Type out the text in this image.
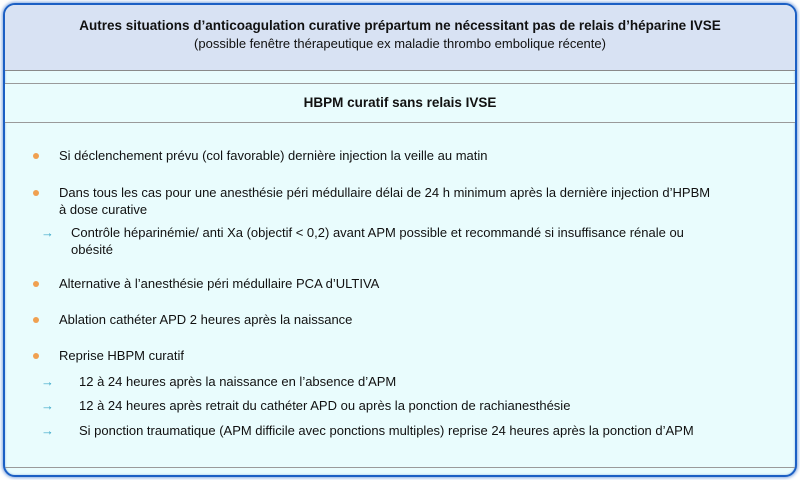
Autres situations d’anticoagulation curative prépartum ne nécessitant pas de relais d’héparine IVSE
(possible fenêtre thérapeutique ex maladie thrombo embolique récente)
HBPM curatif sans relais IVSE
Si déclenchement prévu (col favorable) dernière injection la veille au matin
Dans tous les cas pour une anesthésie péri médullaire délai de 24 h minimum après la dernière injection d’HPBM
à dose curative
→ Contrôle héparinémie/ anti Xa (objectif < 0,2) avant APM possible et recommandé si insuffisance rénale ou
obésité
Alternative à l’anesthésie péri médullaire PCA d’ULTIVA
Ablation cathéter APD 2 heures après la naissance
Reprise HBPM curatif
→ 12 à 24 heures après la naissance en l’absence d’APM
→ 12 à 24 heures après retrait du cathéter APD ou après la ponction de rachianesthésie
→ Si ponction traumatique (APM difficile avec ponctions multiples) reprise 24 heures après la ponction d’APM
